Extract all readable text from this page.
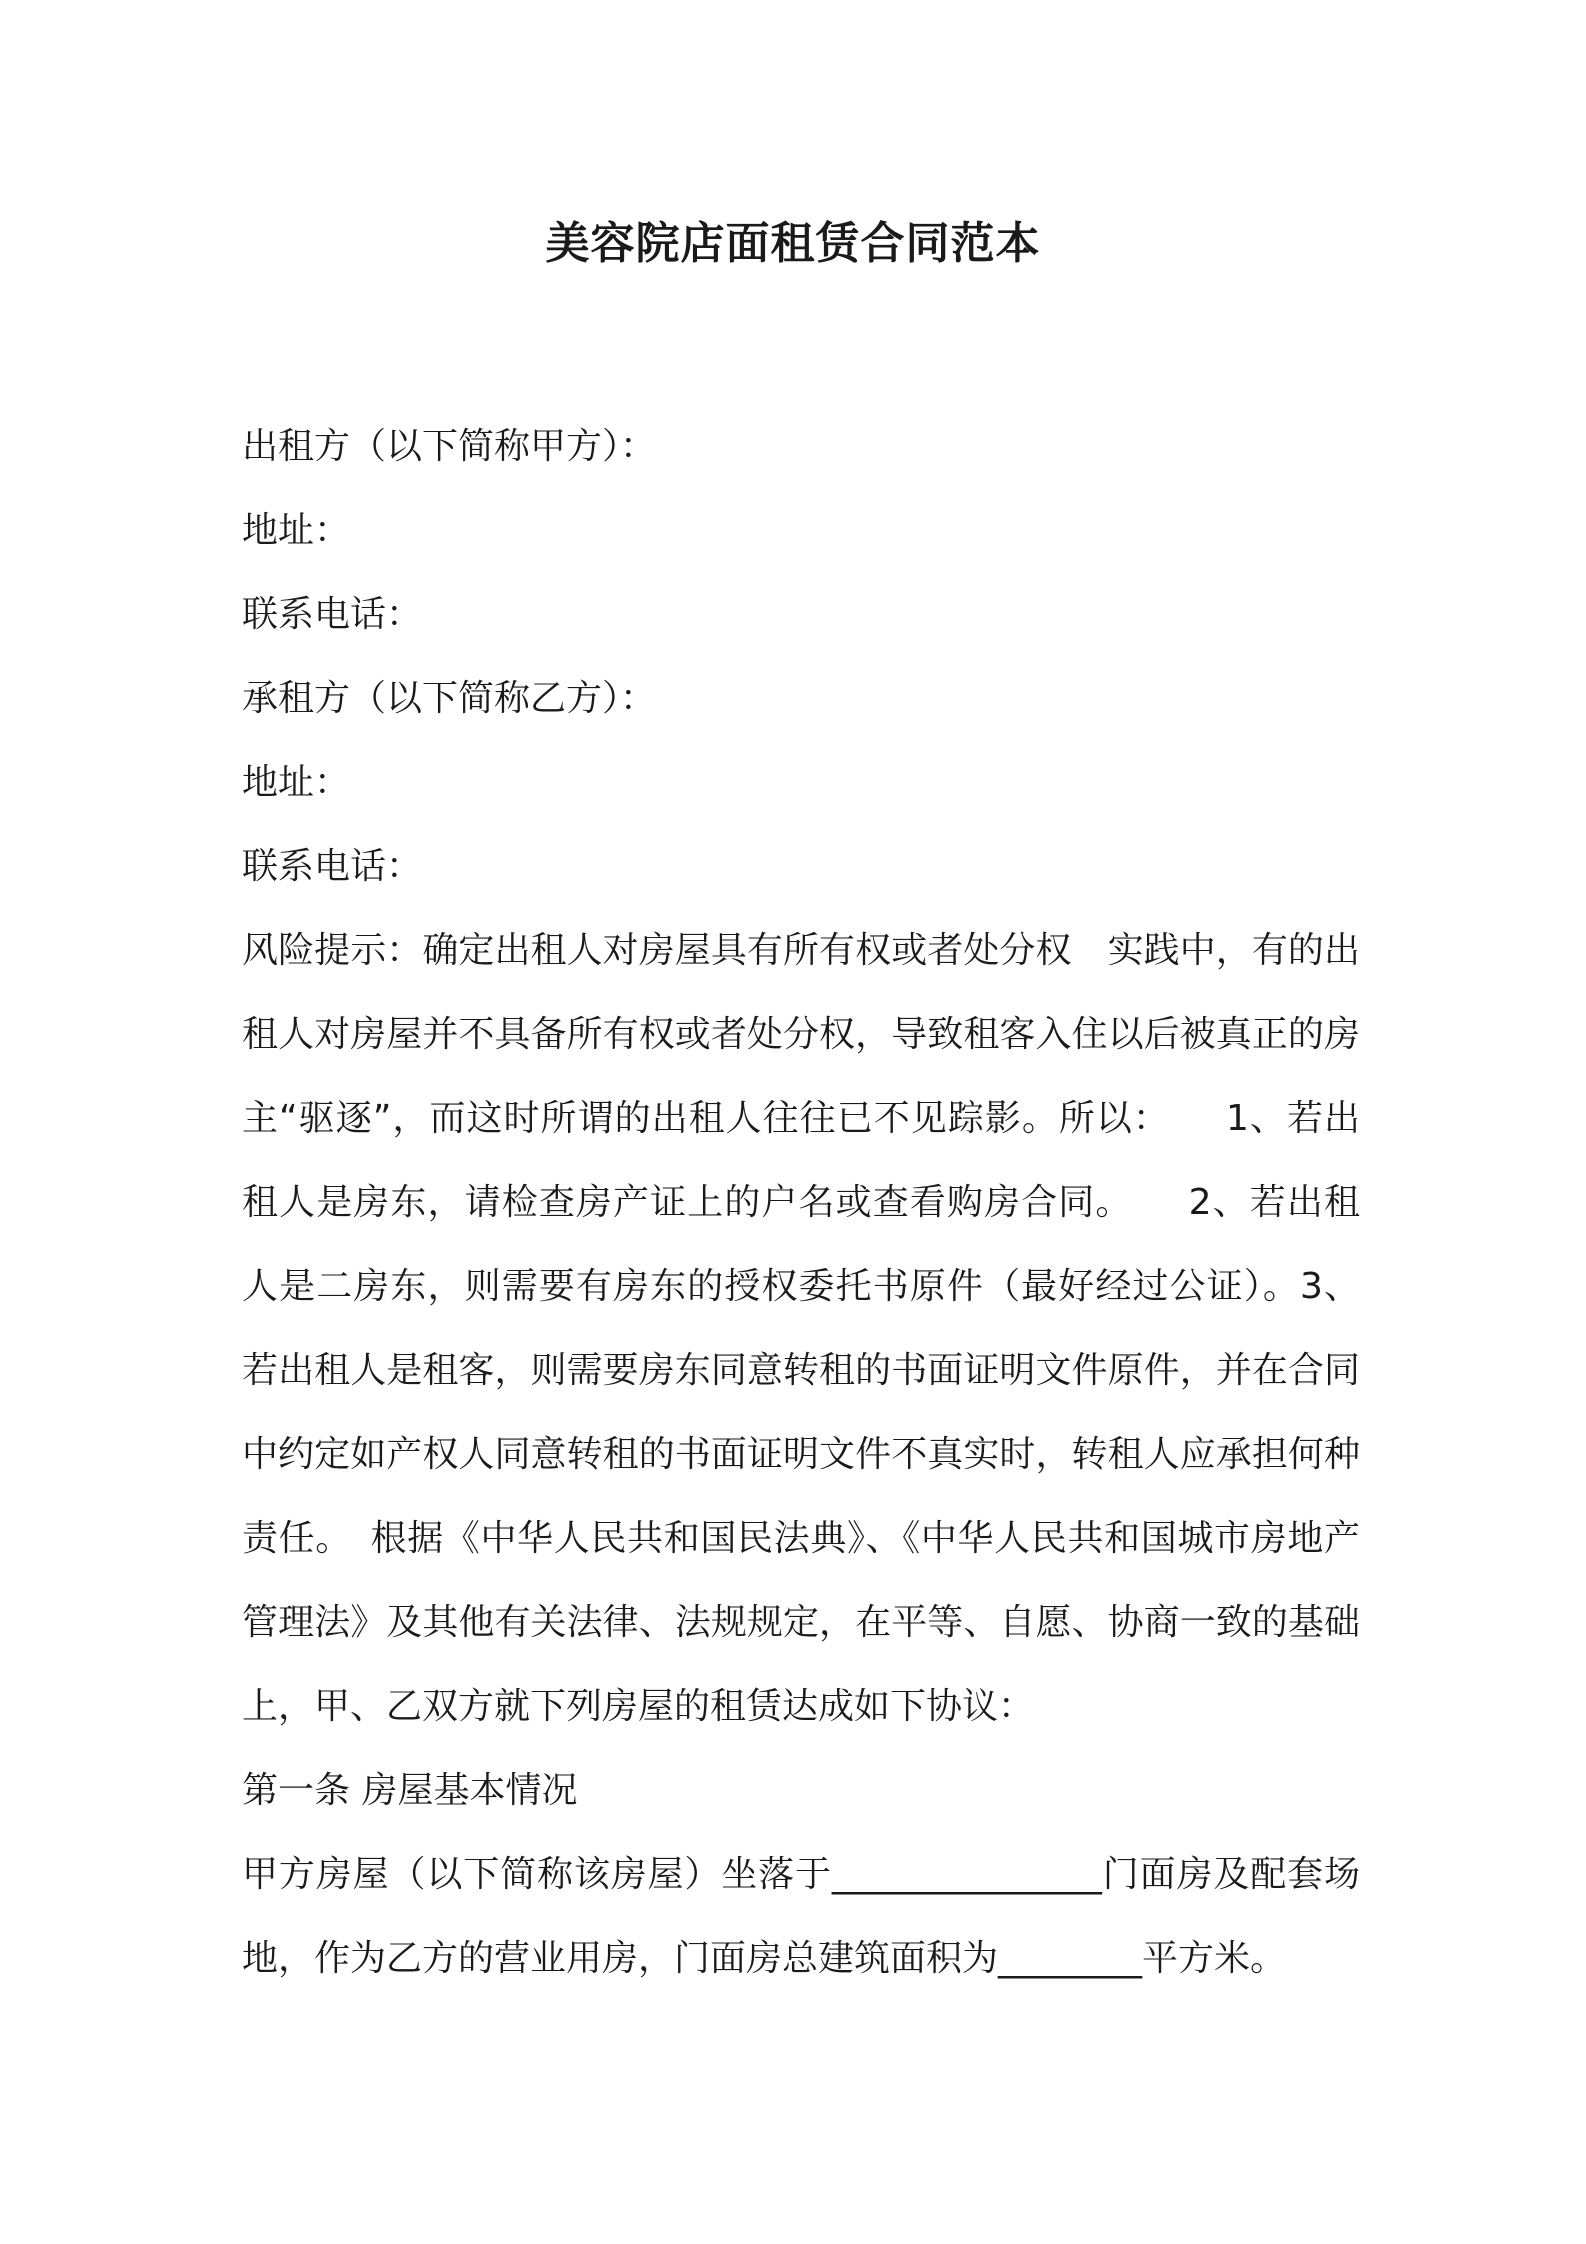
美容院店面租赁合同范本
出租方（以下简称甲方）：
地址：
联系电话：
承租方（以下简称乙方）：
地址：
联系电话：
风险提示：确定出租人对房屋具有所有权或者处分权　实践中，有的出租人对房屋并不具备所有权或者处分权，导致租客入住以后被真正的房主“驱逐”，而这时所谓的出租人往往已不见踪影。所以：　　1、若出租人是房东，请检查房产证上的户名或查看购房合同。　　2、若出租人是二房东，则需要有房东的授权委托书原件（最好经过公证）。3、若出租人是租客，则需要房东同意转租的书面证明文件原件，并在合同中约定如产权人同意转租的书面证明文件不真实时，转租人应承担何种责任。　根据《中华人民共和国民法典》、《中华人民共和国城市房地产管理法》及其他有关法律、法规规定，在平等、自愿、协商一致的基础上，甲、乙双方就下列房屋的租赁达成如下协议：
第一条 房屋基本情况
甲方房屋（以下简称该房屋）坐落于_______________门面房及配套场地，作为乙方的营业用房，门面房总建筑面积为________平方米。
